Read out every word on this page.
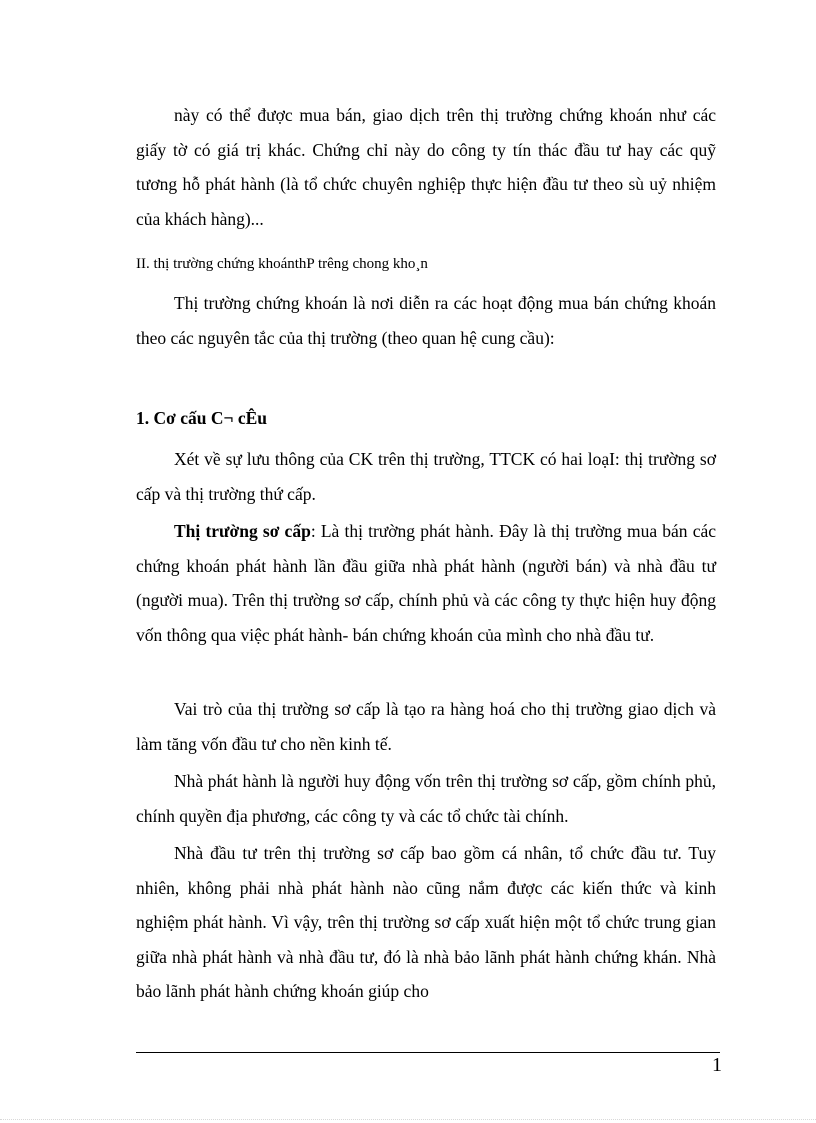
này có thể được mua bán, giao dịch trên thị trường chứng khoán như các giấy tờ có giá trị khác. Chứng chỉ này do công ty tín thác đầu tư hay các quỹ tương hỗ phát hành (là tổ chức chuyên nghiệp thực hiện đầu tư theo sù uỷ nhiệm của khách hàng)...
II. thị trường chứng khoánthP trêng chong kho¸n
Thị trường chứng khoán là nơi diễn ra các hoạt động mua bán chứng khoán theo các nguyên tắc của thị trường (theo quan hệ cung cầu):
1. Cơ cấu C¬ cÊu
Xét về sự lưu thông của CK trên thị trường, TTCK có hai loạI: thị trường sơ cấp và thị trường thứ cấp.
Thị trường sơ cấp: Là thị trường phát hành. Đây là thị trường mua bán các chứng khoán phát hành lần đầu giữa nhà phát hành (người bán) và nhà đầu tư (người mua). Trên thị trường sơ cấp, chính phủ và các công ty thực hiện huy động vốn thông qua việc phát hành- bán chứng khoán của mình cho nhà đầu tư.
Vai trò của thị trường sơ cấp là tạo ra hàng hoá cho thị trường giao dịch và làm tăng vốn đầu tư cho nền kinh tế.
Nhà phát hành là người huy động vốn trên thị trường sơ cấp, gồm chính phủ, chính quyền địa phương, các công ty và các tổ chức tài chính.
Nhà đầu tư trên thị trường sơ cấp bao gồm cá nhân, tổ chức đầu tư. Tuy nhiên, không phải nhà phát hành nào cũng nắm được các kiến thức và kinh nghiệm phát hành. Vì vậy, trên thị trường sơ cấp xuất hiện một tổ chức trung gian giữa nhà phát hành và nhà đầu tư, đó là nhà bảo lãnh phát hành chứng khán. Nhà bảo lãnh phát hành chứng khoán giúp cho
1
